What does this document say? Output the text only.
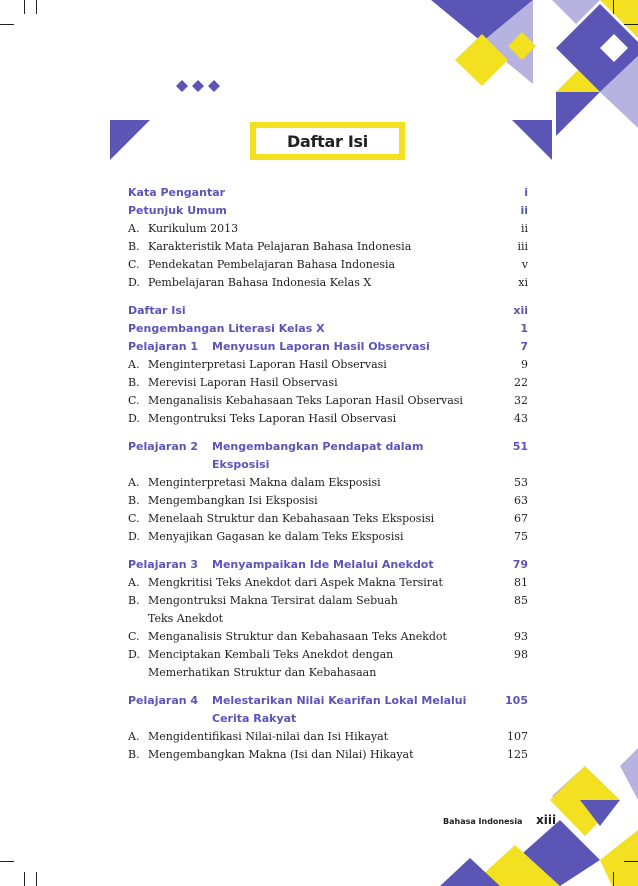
Daftar Isi
Kata Pengantar	i
Petunjuk Umum	ii
A. Kurikulum 2013	ii
B. Karakteristik Mata Pelajaran Bahasa Indonesia	iii
C. Pendekatan Pembelajaran Bahasa Indonesia	v
D. Pembelajaran Bahasa Indonesia Kelas X	xi
Daftar Isi	xii
Pengembangan Literasi Kelas X	1
Pelajaran 1 Menyusun Laporan Hasil Observasi	7
A. Menginterpretasi Laporan Hasil Observasi	9
B. Merevisi Laporan Hasil Observasi	22
C. Menganalisis Kebahasaan Teks Laporan Hasil Observasi	32
D. Mengontruksi Teks Laporan Hasil Observasi	43
Pelajaran 2 Mengembangkan Pendapat dalam	51
Eksposisi
A. Menginterpretasi Makna dalam Eksposisi	53
B. Mengembangkan Isi Eksposisi	63
C. Menelaah Struktur dan Kebahasaan Teks Eksposisi	67
D. Menyajikan Gagasan ke dalam Teks Eksposisi	75
Pelajaran 3 Menyampaikan Ide Melalui Anekdot	79
A. Mengkritisi Teks Anekdot dari Aspek Makna Tersirat	81
B. Mengontruksi Makna Tersirat dalam Sebuah	85
Teks Anekdot
C. Menganalisis Struktur dan Kebahasaan Teks Anekdot	93
D. Menciptakan Kembali Teks Anekdot dengan	98
Memerhatikan Struktur dan Kebahasaan
Pelajaran 4 Melestarikan Nilai Kearifan Lokal Melalui	105
Cerita Rakyat
A. Mengidentifikasi Nilai-nilai dan Isi Hikayat	107
B. Mengembangkan Makna (Isi dan Nilai) Hikayat	125
Bahasa Indonesia xiii
